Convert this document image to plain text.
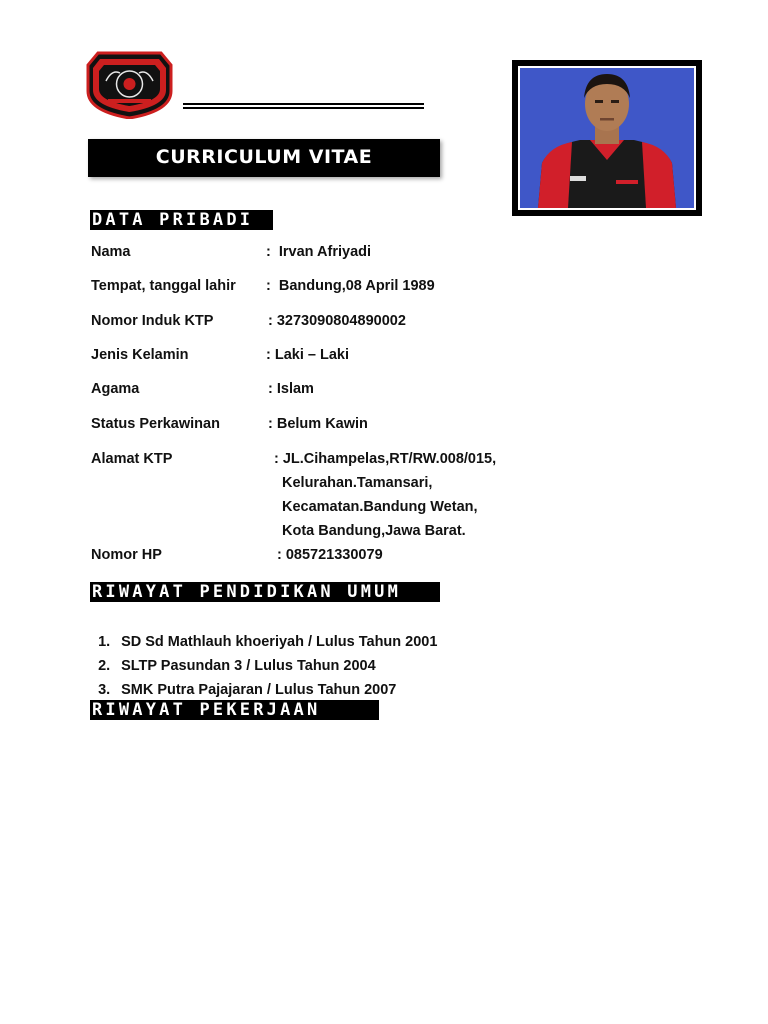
CURRICULUM VITAE
DATA PRIBADI
Nama	:  Irvan Afriyadi
Tempat, tanggal lahir :  Bandung,08 April 1989
Nomor Induk KTP	: 3273090804890002
Jenis Kelamin	: Laki – Laki
Agama	: Islam
Status Perkawinan	: Belum Kawin
Alamat KTP	: JL.Cihampelas,RT/RW.008/015,
Kelurahan.Tamansari,
Kecamatan.Bandung Wetan,
Kota Bandung,Jawa Barat.
Nomor HP	: 085721330079
RIWAYAT PENDIDIKAN UMUM

1. SD Sd Mathlauh khoeriyah / Lulus Tahun 2001

2. SLTP Pasundan 3 / Lulus Tahun 2004

3. SMK Putra Pajajaran / Lulus Tahun 2007

RIWAYAT PEKERJAAN
